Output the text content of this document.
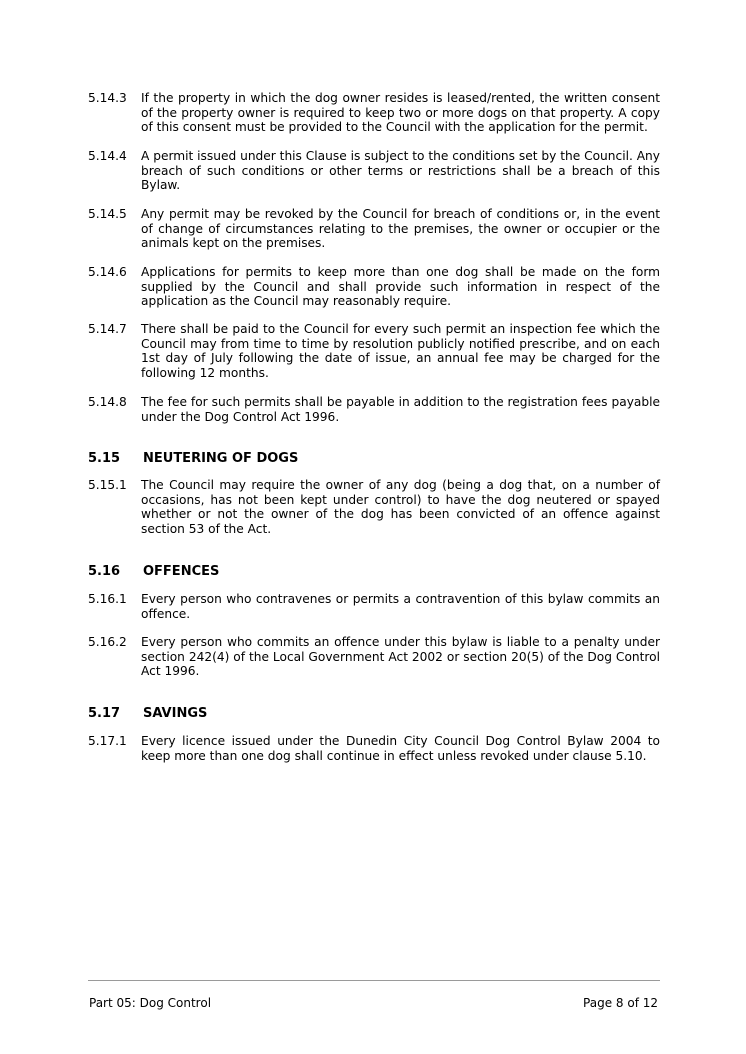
5.14.3	If the property in which the dog owner resides is leased/rented, the written consent of the property owner is required to keep two or more dogs on that property. A copy of this consent must be provided to the Council with the application for the permit.
5.14.4	A permit issued under this Clause is subject to the conditions set by the Council. Any breach of such conditions or other terms or restrictions shall be a breach of this Bylaw.
5.14.5	Any permit may be revoked by the Council for breach of conditions or, in the event of change of circumstances relating to the premises, the owner or occupier or the animals kept on the premises.
5.14.6	Applications for permits to keep more than one dog shall be made on the form supplied by the Council and shall provide such information in respect of the application as the Council may reasonably require.
5.14.7	There shall be paid to the Council for every such permit an inspection fee which the Council may from time to time by resolution publicly notified prescribe, and on each 1st day of July following the date of issue, an annual fee may be charged for the following 12 months.
5.14.8	The fee for such permits shall be payable in addition to the registration fees payable under the Dog Control Act 1996.
5.15 NEUTERING OF DOGS
5.15.1	The Council may require the owner of any dog (being a dog that, on a number of occasions, has not been kept under control) to have the dog neutered or spayed whether or not the owner of the dog has been convicted of an offence against section 53 of the Act.
5.16 OFFENCES
5.16.1	Every person who contravenes or permits a contravention of this bylaw commits an offence.
5.16.2	Every person who commits an offence under this bylaw is liable to a penalty under section 242(4) of the Local Government Act 2002 or section 20(5) of the Dog Control Act 1996.
5.17 SAVINGS
5.17.1	Every licence issued under the Dunedin City Council Dog Control Bylaw 2004 to keep more than one dog shall continue in effect unless revoked under clause 5.10.
Part 05: Dog Control	Page 8 of 12
